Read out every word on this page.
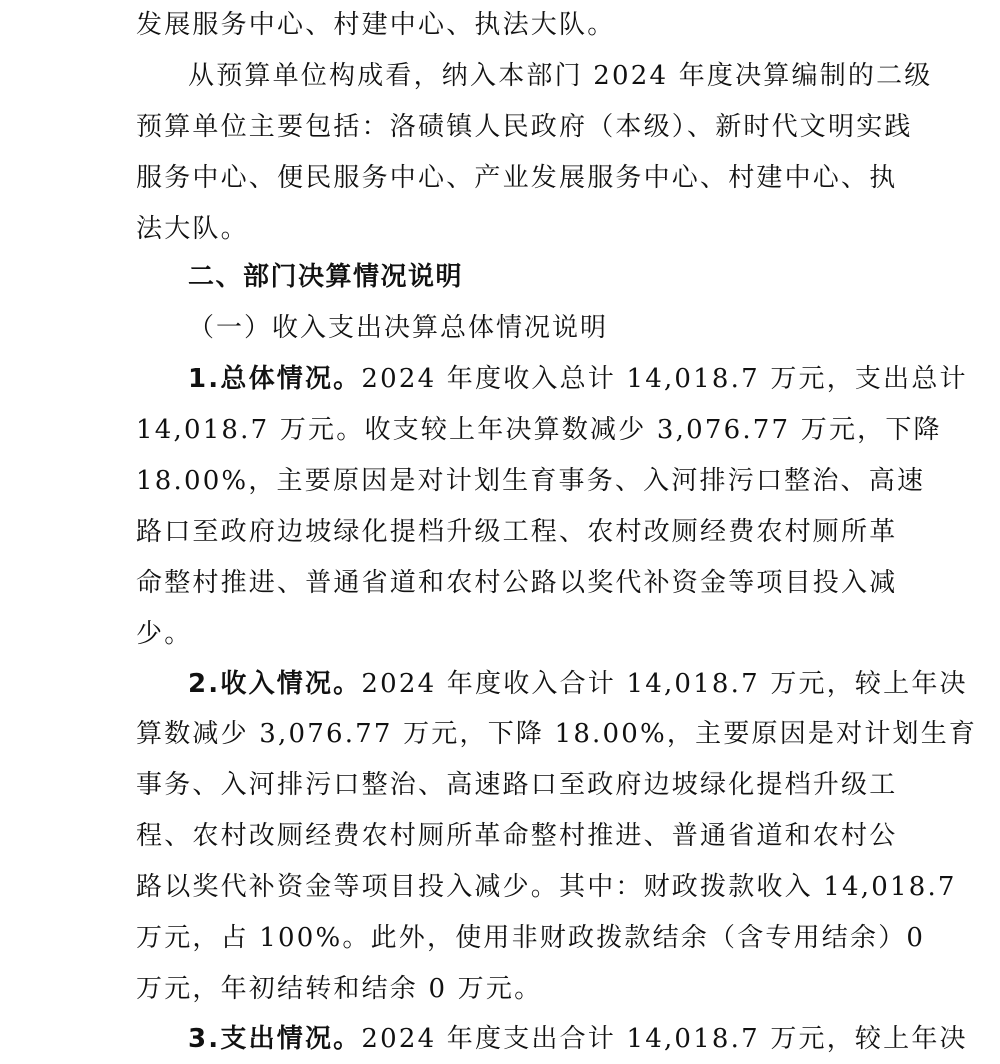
发展服务中心、村建中心、执法大队。
从预算单位构成看，纳入本部门 2024 年度决算编制的二级
预算单位主要包括：洛碛镇人民政府（本级）、新时代文明实践
服务中心、便民服务中心、产业发展服务中心、村建中心、执
法大队。
二、部门决算情况说明
（一）收入支出决算总体情况说明
1.总体情况。2024 年度收入总计 14,018.7 万元，支出总计
14,018.7 万元。收支较上年决算数减少 3,076.77 万元，下降
18.00%，主要原因是对计划生育事务、入河排污口整治、高速
路口至政府边坡绿化提档升级工程、农村改厕经费农村厕所革
命整村推进、普通省道和农村公路以奖代补资金等项目投入减
少。
2.收入情况。2024 年度收入合计 14,018.7 万元，较上年决
算数减少 3,076.77 万元，下降 18.00%，主要原因是对计划生育
事务、入河排污口整治、高速路口至政府边坡绿化提档升级工
程、农村改厕经费农村厕所革命整村推进、普通省道和农村公
路以奖代补资金等项目投入减少。其中：财政拨款收入 14,018.7
万元，占 100%。此外，使用非财政拨款结余（含专用结余）0
万元，年初结转和结余 0 万元。
3.支出情况。2024 年度支出合计 14,018.7 万元，较上年决
